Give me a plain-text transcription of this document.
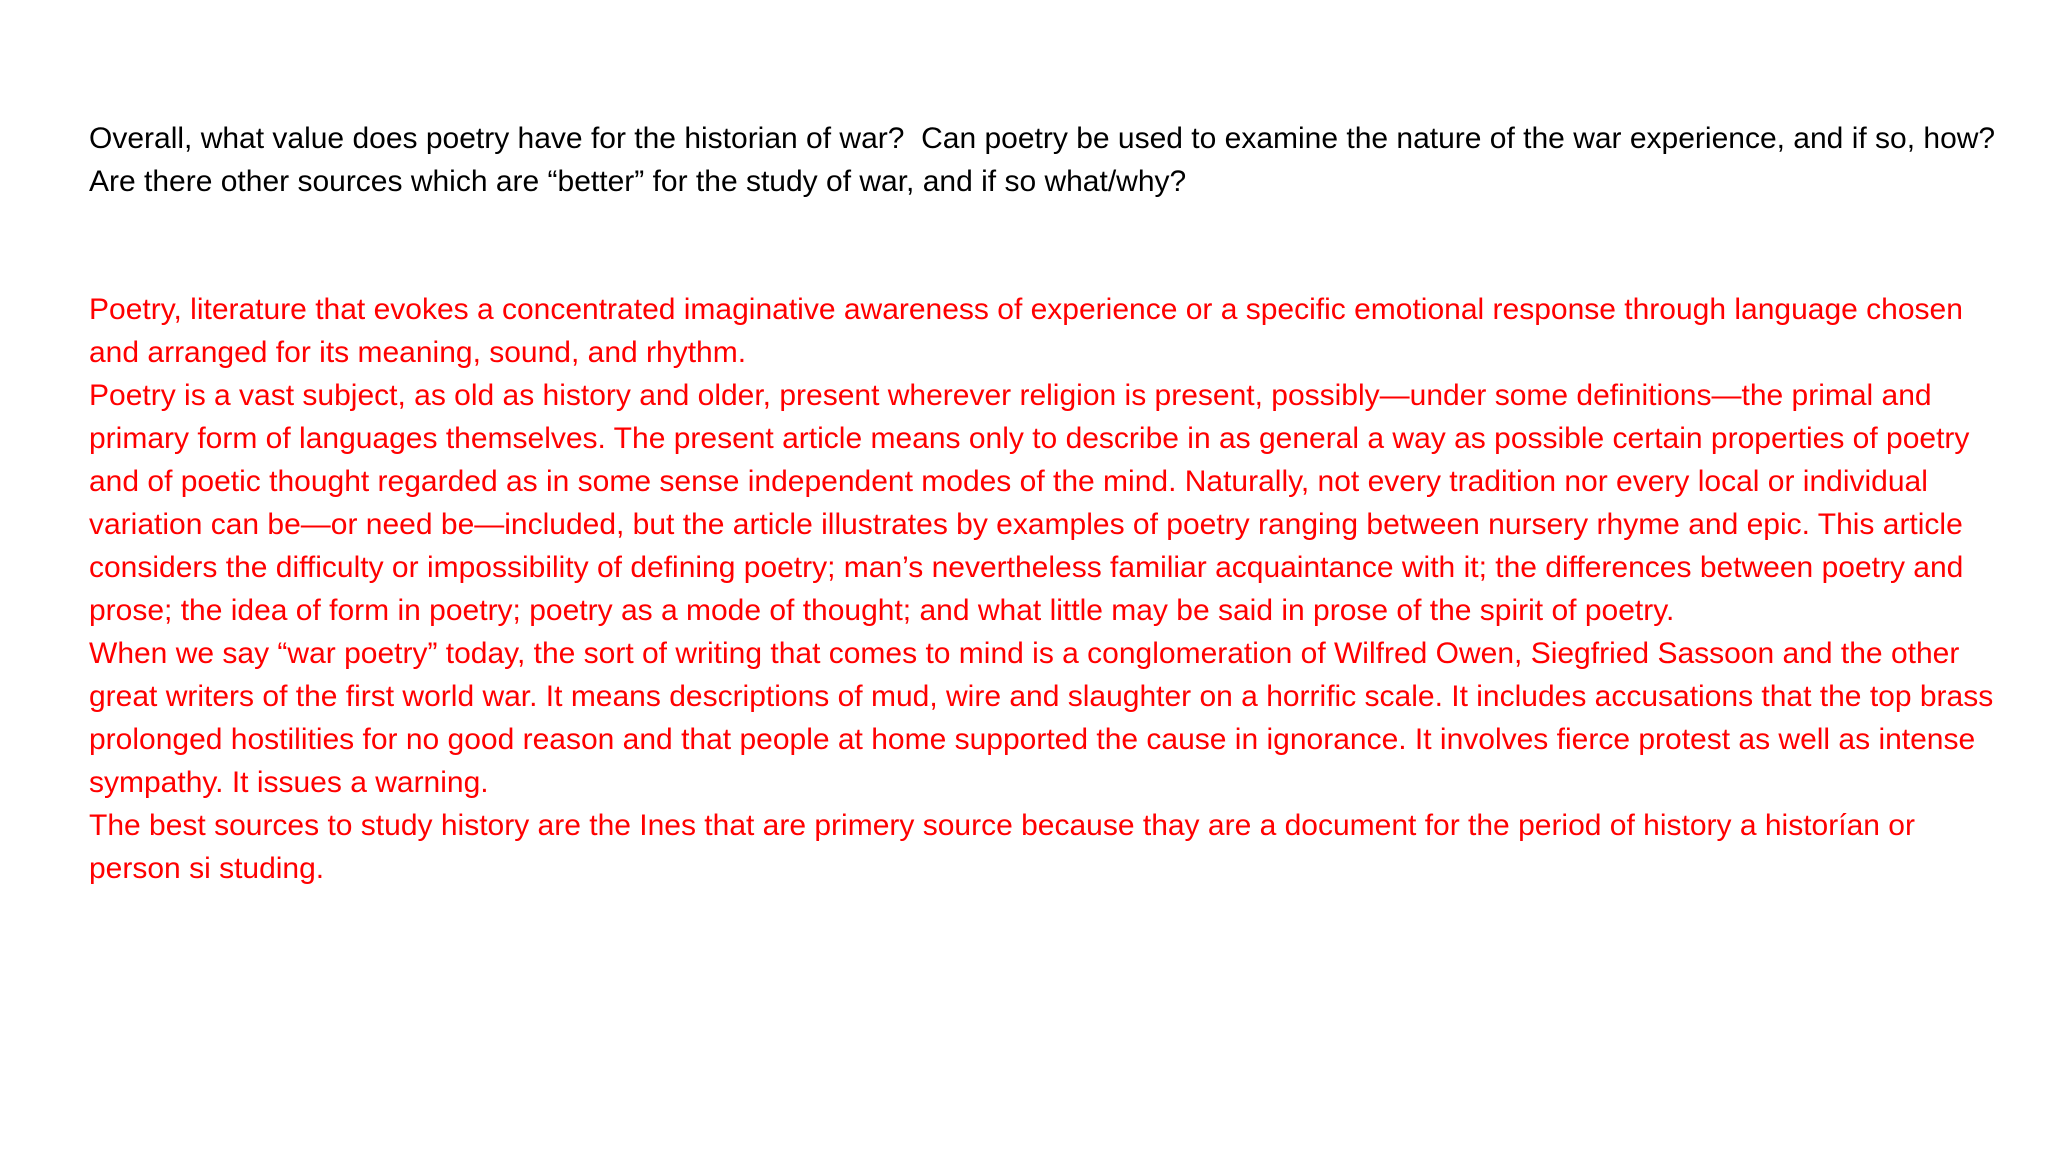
Overall, what value does poetry have for the historian of war?  Can poetry be used to examine the nature of the war experience, and if so, how?  Are there other sources which are “better” for the study of war, and if so what/why?

Poetry, literature that evokes a concentrated imaginative awareness of experience or a specific emotional response through language chosen and arranged for its meaning, sound, and rhythm.

Poetry is a vast subject, as old as history and older, present wherever religion is present, possibly—under some definitions—the primal and primary form of languages themselves. The present article means only to describe in as general a way as possible certain properties of poetry and of poetic thought regarded as in some sense independent modes of the mind. Naturally, not every tradition nor every local or individual variation can be—or need be—included, but the article illustrates by examples of poetry ranging between nursery rhyme and epic. This article considers the difficulty or impossibility of defining poetry; man’s nevertheless familiar acquaintance with it; the differences between poetry and prose; the idea of form in poetry; poetry as a mode of thought; and what little may be said in prose of the spirit of poetry.

When we say “war poetry” today, the sort of writing that comes to mind is a conglomeration of Wilfred Owen, Siegfried Sassoon and the other great writers of the first world war. It means descriptions of mud, wire and slaughter on a horrific scale. It includes accusations that the top brass prolonged hostilities for no good reason and that people at home supported the cause in ignorance. It involves fierce protest as well as intense sympathy. It issues a warning.

The best sources to study history are the Ines that are primery source because thay are a document for the period of history a historían or person si studing.
